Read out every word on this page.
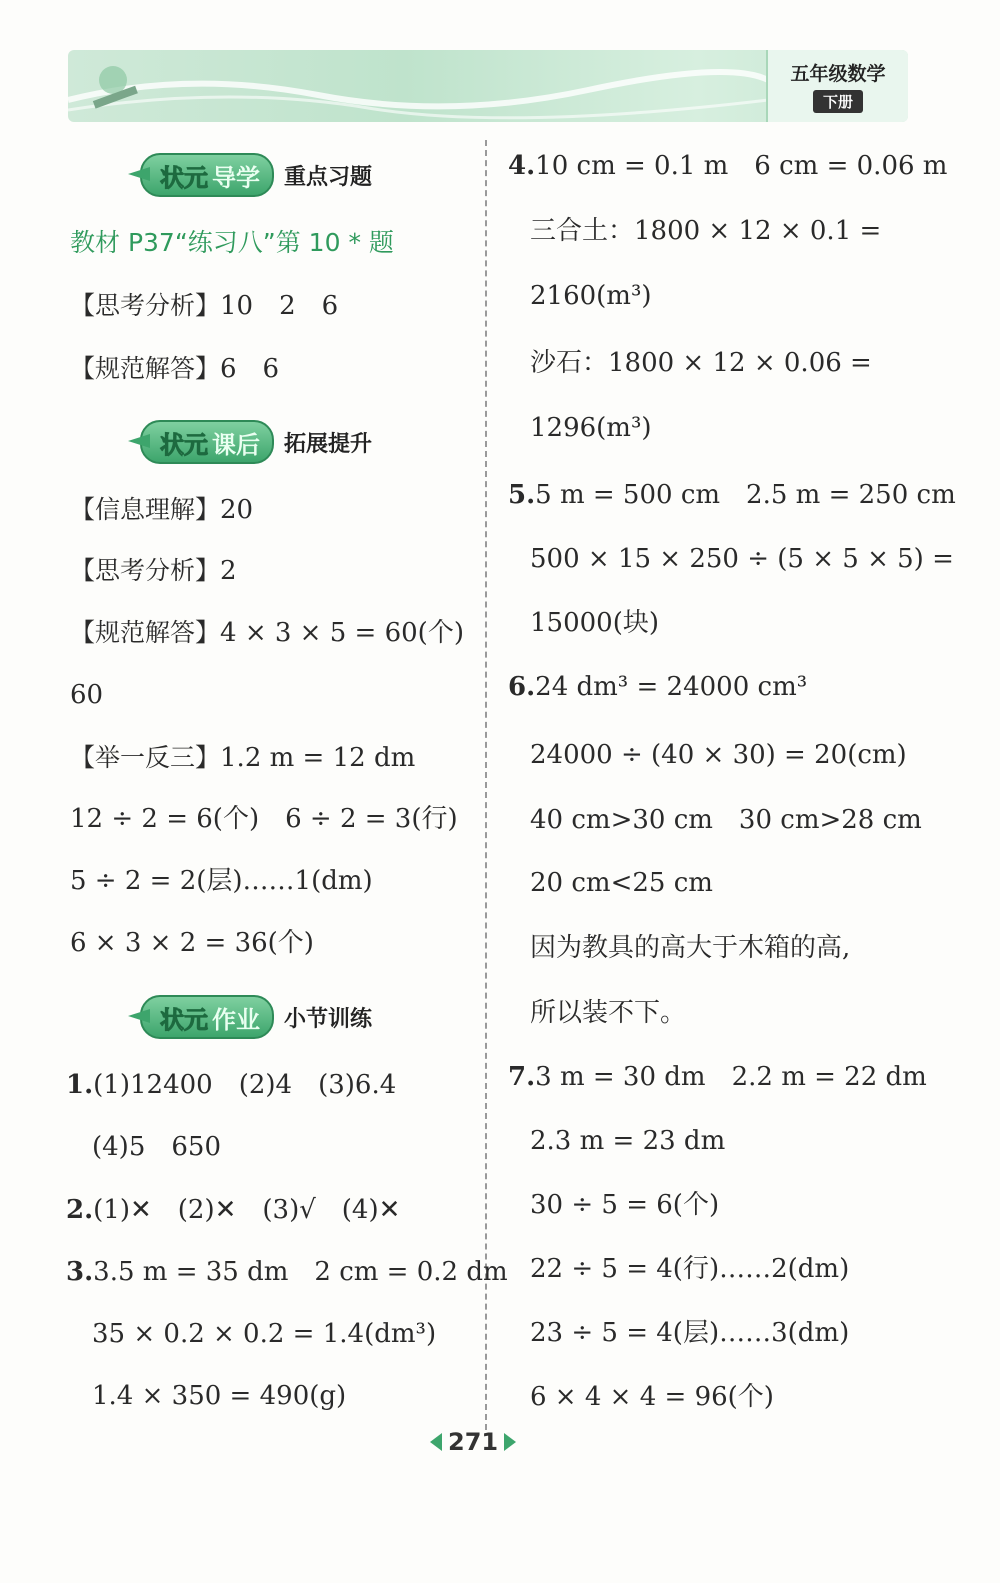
五年级数学
下册
状元 导学 重点习题
教材 P37“练习八”第 10 * 题
【思考分析】10　2　6
【规范解答】6　6
状元 课后 拓展提升
【信息理解】20
【思考分析】2
【规范解答】4 × 3 × 5 = 60(个)
60
【举一反三】1.2 m = 12 dm
12 ÷ 2 = 6(个)　6 ÷ 2 = 3(行)
5 ÷ 2 = 2(层)……1(dm)
6 × 3 × 2 = 36(个)
状元 作业 小节训练
1.(1)12400　(2)4　(3)6.4
(4)5　650
2.(1)✕　(2)✕　(3)√　(4)✕
3.3.5 m = 35 dm　2 cm = 0.2 dm
35 × 0.2 × 0.2 = 1.4(dm³)
1.4 × 350 = 490(g)
4.10 cm = 0.1 m　6 cm = 0.06 m
三合土：1800 × 12 × 0.1 =
2160(m³)
沙石：1800 × 12 × 0.06 =
1296(m³)
5.5 m = 500 cm　2.5 m = 250 cm
500 × 15 × 250 ÷ (5 × 5 × 5) =
15000(块)
6.24 dm³ = 24000 cm³
24000 ÷ (40 × 30) = 20(cm)
40 cm>30 cm　30 cm>28 cm
20 cm<25 cm
因为教具的高大于木箱的高,
所以装不下。
7.3 m = 30 dm　2.2 m = 22 dm
2.3 m = 23 dm
30 ÷ 5 = 6(个)
22 ÷ 5 = 4(行)……2(dm)
23 ÷ 5 = 4(层)……3(dm)
6 × 4 × 4 = 96(个)
271
